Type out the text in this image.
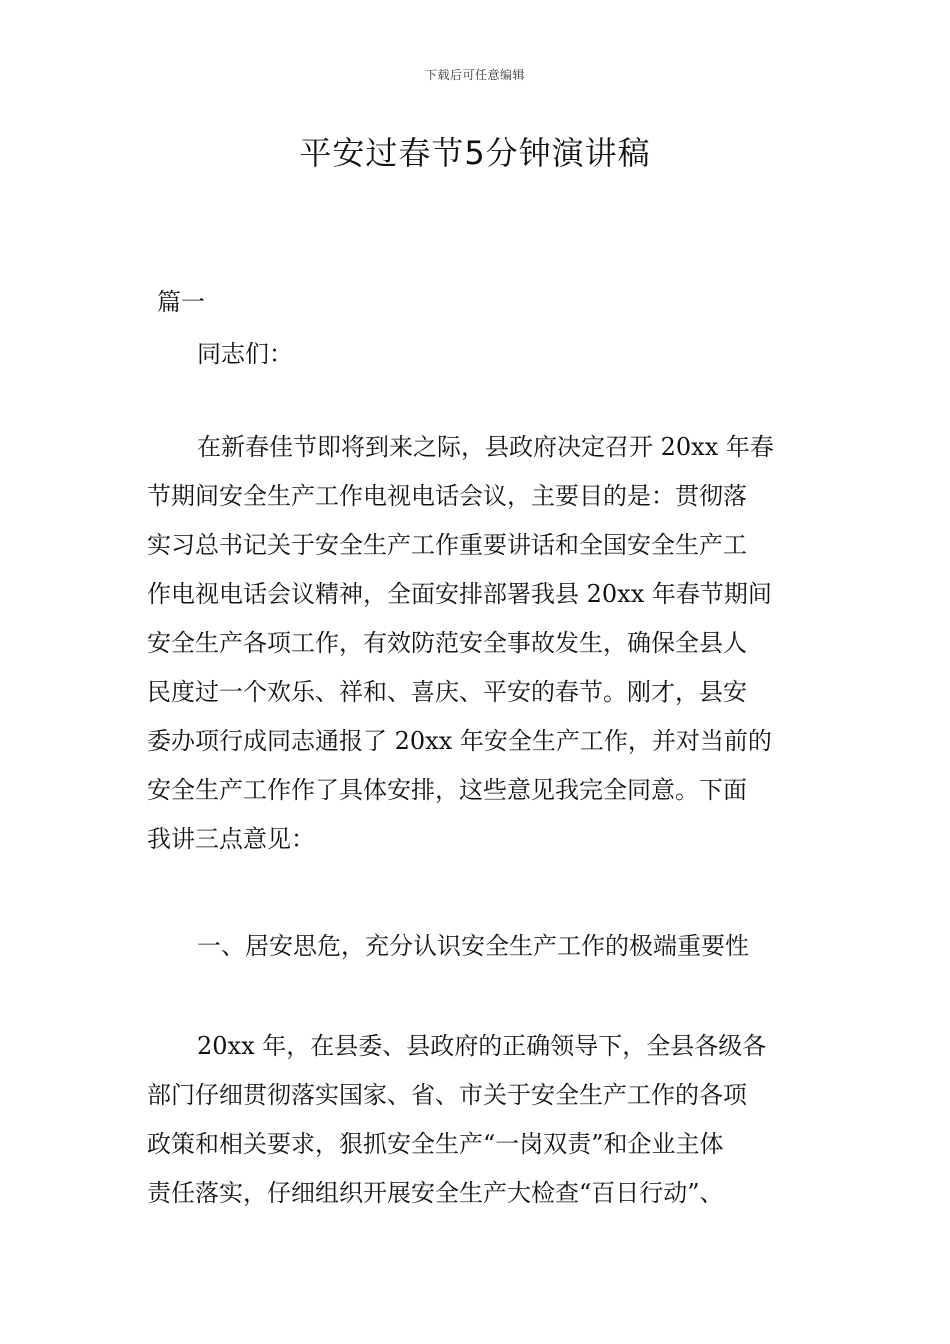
下载后可任意编辑
平安过春节5分钟演讲稿
篇一
同志们：
在新春佳节即将到来之际，县政府决定召开 20xx 年春
节期间安全生产工作电视电话会议，主要目的是：贯彻落
实习总书记关于安全生产工作重要讲话和全国安全生产工
作电视电话会议精神，全面安排部署我县 20xx 年春节期间
安全生产各项工作，有效防范安全事故发生，确保全县人
民度过一个欢乐、祥和、喜庆、平安的春节。刚才，县安
委办项行成同志通报了 20xx 年安全生产工作，并对当前的
安全生产工作作了具体安排，这些意见我完全同意。下面
我讲三点意见：
一、居安思危，充分认识安全生产工作的极端重要性
20xx 年，在县委、县政府的正确领导下，全县各级各
部门仔细贯彻落实国家、省、市关于安全生产工作的各项
政策和相关要求，狠抓安全生产“一岗双责”和企业主体
责任落实，仔细组织开展安全生产大检查“百日行动”、
